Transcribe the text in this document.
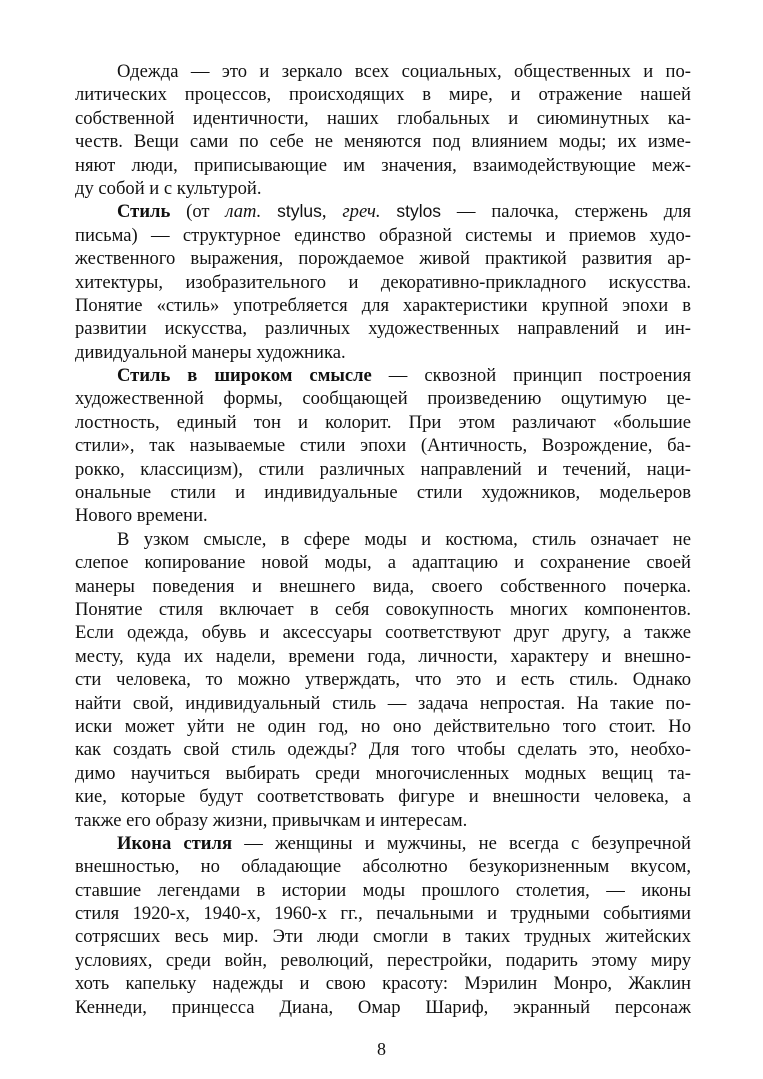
Одежда — это и зеркало всех социальных, общественных и по-
литических процессов, происходящих в мире, и отражение нашей
собственной идентичности, наших глобальных и сиюминутных ка-
честв. Вещи сами по себе не меняются под влиянием моды; их изме-
няют люди, приписывающие им значения, взаимодействующие меж-
ду собой и с культурой.
Стиль (от лат. stylus, греч. stylos — палочка, стержень для
письма) — структурное единство образной системы и приемов худо-
жественного выражения, порождаемое живой практикой развития ар-
хитектуры, изобразительного и декоративно-прикладного искусства.
Понятие «стиль» употребляется для характеристики крупной эпохи в
развитии искусства, различных художественных направлений и ин-
дивидуальной манеры художника.
Стиль в широком смысле — сквозной принцип построения
художественной формы, сообщающей произведению ощутимую це-
лостность, единый тон и колорит. При этом различают «большие
стили», так называемые стили эпохи (Античность, Возрождение, ба-
рокко, классицизм), стили различных направлений и течений, наци-
ональные стили и индивидуальные стили художников, модельеров
Нового времени.
В узком смысле, в сфере моды и костюма, стиль означает не
слепое копирование новой моды, а адаптацию и сохранение своей
манеры поведения и внешнего вида, своего собственного почерка.
Понятие стиля включает в себя совокупность многих компонентов.
Если одежда, обувь и аксессуары соответствуют друг другу, а также
месту, куда их надели, времени года, личности, характеру и внешно-
сти человека, то можно утверждать, что это и есть стиль. Однако
найти свой, индивидуальный стиль — задача непростая. На такие по-
иски может уйти не один год, но оно действительно того стоит. Но
как создать свой стиль одежды? Для того чтобы сделать это, необхо-
димо научиться выбирать среди многочисленных модных вещиц та-
кие, которые будут соответствовать фигуре и внешности человека, а
также его образу жизни, привычкам и интересам.
Икона стиля — женщины и мужчины, не всегда с безупречной
внешностью, но обладающие абсолютно безукоризненным вкусом,
ставшие легендами в истории моды прошлого столетия, — иконы
стиля 1920-х, 1940-х, 1960-х гг., печальными и трудными событиями
сотрясших весь мир. Эти люди смогли в таких трудных житейских
условиях, среди войн, революций, перестройки, подарить этому миру
хоть капельку надежды и свою красоту: Мэрилин Монро, Жаклин
Кеннеди, принцесса Диана, Омар Шариф, экранный персонаж
8
